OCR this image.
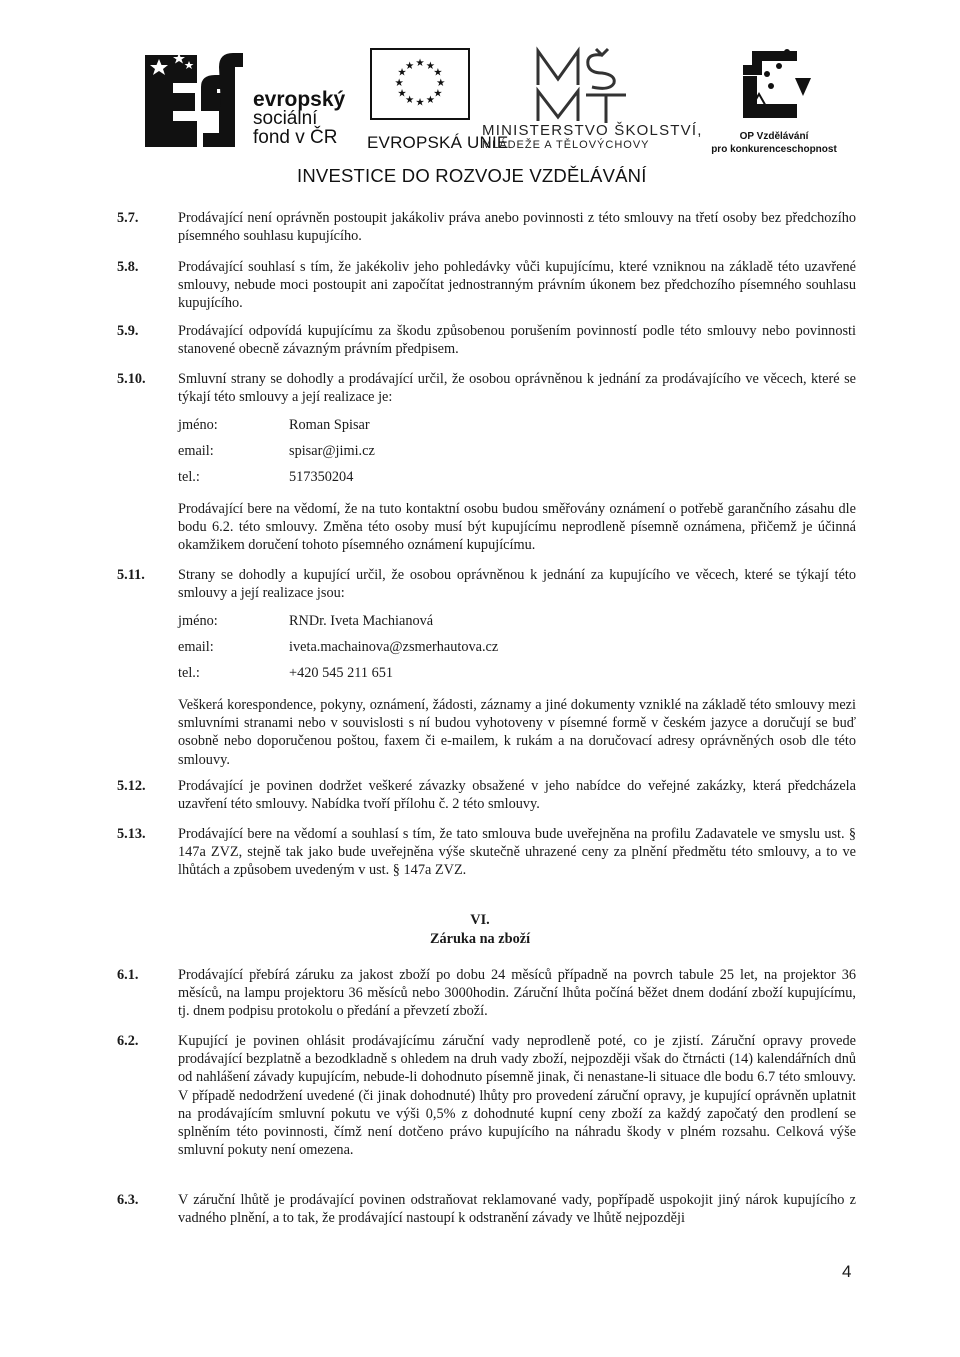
evropský
sociální
fond v ČR
★ ★
★
★
★
★
★
★
★
★
★
★
EVROPSKÁ UNIE
MINISTERSTVO ŠKOLSTVÍ,
MLÁDEŽE A TĚLOVÝCHOVY
OP Vzdělávání
pro konkurenceschopnost
INVESTICE DO ROZVOJE VZDĚLÁVÁNÍ
5.7.	Prodávající není oprávněn postoupit jakákoliv práva anebo povinnosti z této smlouvy na třetí osoby bez předchozího písemného souhlasu kupujícího.
5.8.	Prodávající souhlasí s tím, že jakékoliv jeho pohledávky vůči kupujícímu, které vzniknou na základě této uzavřené smlouvy, nebude moci postoupit ani započítat jednostranným právním úkonem bez předchozího písemného souhlasu kupujícího.
5.9.	Prodávající odpovídá kupujícímu za škodu způsobenou porušením povinností podle této smlouvy nebo povinnosti stanovené obecně závazným právním předpisem.
5.10. Smluvní strany se dohodly a prodávající určil, že osobou oprávněnou k jednání za prodávajícího ve věcech, které se týkají této smlouvy a její realizace je:
jméno:	Roman Spisar
email:	spisar@jimi.cz
tel.:	517350204
Prodávající bere na vědomí, že na tuto kontaktní osobu budou směřovány oznámení o potřebě garančního zásahu dle bodu 6.2. této smlouvy. Změna této osoby musí být kupujícímu neprodleně písemně oznámena, přičemž je účinná okamžikem doručení tohoto písemného oznámení kupujícímu.
5.11. Strany se dohodly a kupující určil, že osobou oprávněnou k jednání za kupujícího ve věcech, které se týkají této smlouvy a její realizace jsou:
jméno:	RNDr. Iveta Machianová
email:	iveta.machainova@zsmerhautova.cz
tel.:	+420 545 211 651
Veškerá korespondence, pokyny, oznámení, žádosti, záznamy a jiné dokumenty vzniklé na základě této smlouvy mezi smluvními stranami nebo v souvislosti s ní budou vyhotoveny v písemné formě v českém jazyce a doručují se buď osobně nebo doporučenou poštou, faxem či e-mailem, k rukám a na doručovací adresy oprávněných osob dle této smlouvy.
5.12. Prodávající je povinen dodržet veškeré závazky obsažené v jeho nabídce do veřejné zakázky, která předcházela uzavření této smlouvy. Nabídka tvoří přílohu č. 2 této smlouvy.
5.13. Prodávající bere na vědomí a souhlasí s tím, že tato smlouva bude uveřejněna na profilu Zadavatele ve smyslu ust. § 147a ZVZ, stejně tak jako bude uveřejněna výše skutečně uhrazené ceny za plnění předmětu této smlouvy, a to ve lhůtách a způsobem uvedeným v ust. § 147a ZVZ.
VI.
Záruka na zboží
6.1.	Prodávající přebírá záruku za jakost zboží po dobu 24 měsíců případně na povrch tabule 25 let, na projektor 36 měsíců, na lampu projektoru 36 měsíců nebo 3000hodin. Záruční lhůta počíná běžet dnem dodání zboží kupujícímu, tj. dnem podpisu protokolu o předání a převzetí zboží.
6.2.	Kupující je povinen ohlásit prodávajícímu záruční vady neprodleně poté, co je zjistí. Záruční opravy provede prodávající bezplatně a bezodkladně s ohledem na druh vady zboží, nejpozději však do čtrnácti (14) kalendářních dnů od nahlášení závady kupujícím, nebude-li dohodnuto písemně jinak, či nenastane-li situace dle bodu 6.7 této smlouvy. V případě nedodržení uvedené (či jinak dohodnuté) lhůty pro provedení záruční opravy, je kupující oprávněn uplatnit na prodávajícím smluvní pokutu ve výši 0,5% z dohodnuté kupní ceny zboží za každý započatý den prodlení se splněním této povinnosti, čímž není dotčeno právo kupujícího na náhradu škody v plném rozsahu. Celková výše smluvní pokuty není omezena.
6.3.	V záruční lhůtě je prodávající povinen odstraňovat reklamované vady, popřípadě uspokojit jiný nárok kupujícího z vadného plnění, a to tak, že prodávající nastoupí k odstranění závady ve lhůtě nejpozději
4
